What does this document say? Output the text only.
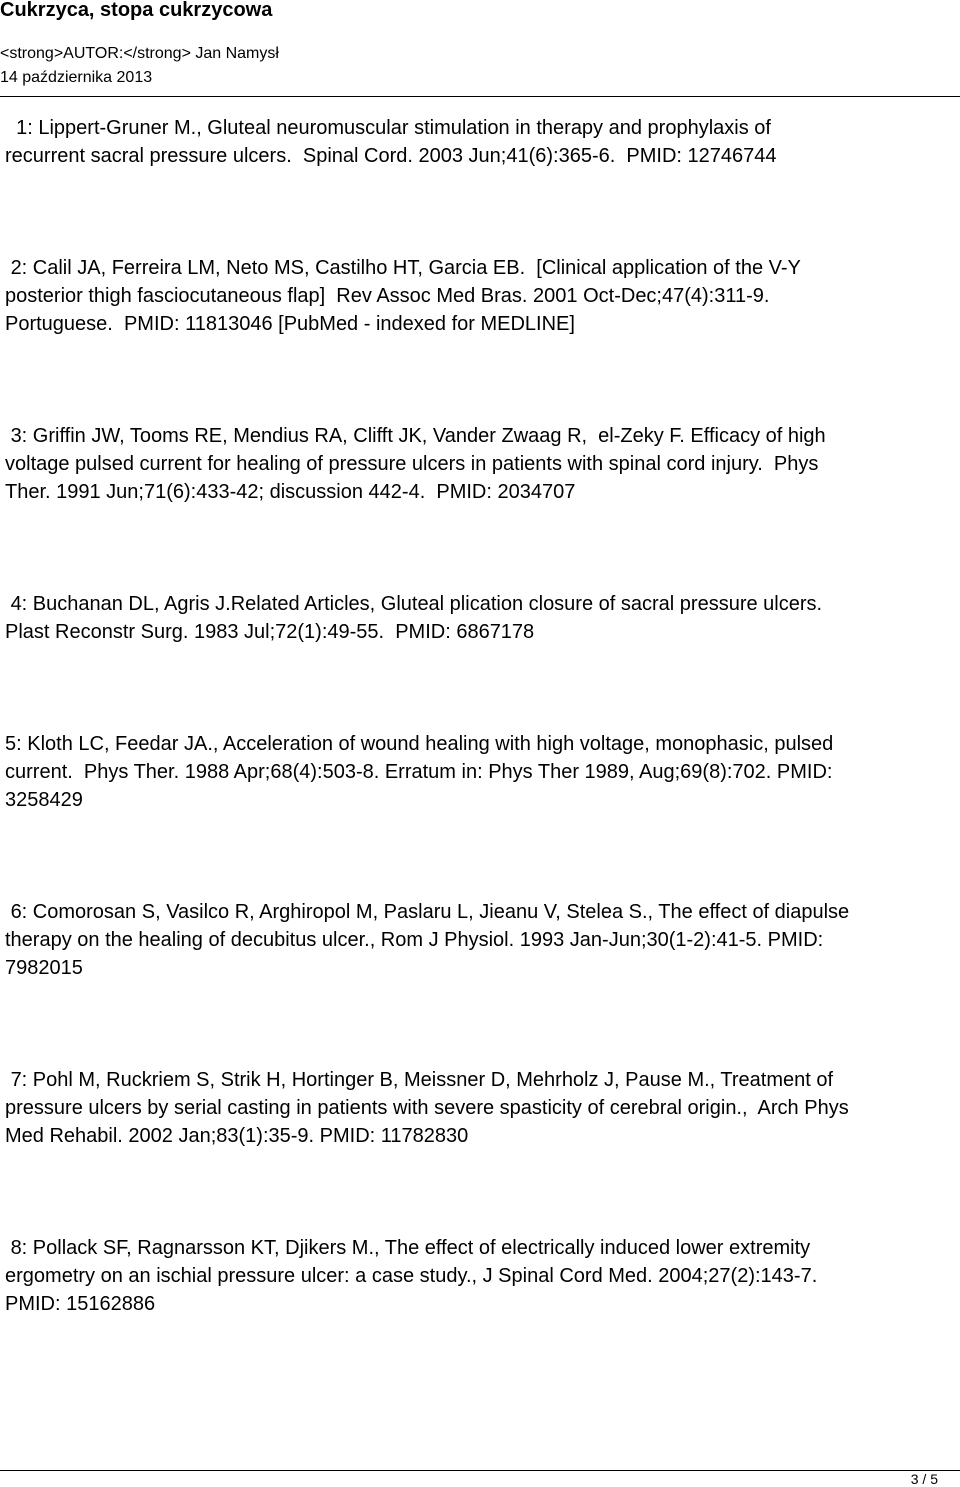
Cukrzyca, stopa cukrzycowa
<strong>AUTOR:</strong> Jan Namysł
14 października 2013

1: Lippert-Gruner M., Gluteal neuromuscular stimulation in therapy and prophylaxis of
recurrent sacral pressure ulcers.  Spinal Cord. 2003 Jun;41(6):365-6.  PMID: 12746744

2: Calil JA, Ferreira LM, Neto MS, Castilho HT, Garcia EB.  [Clinical application of the V-Y
posterior thigh fasciocutaneous flap]  Rev Assoc Med Bras. 2001 Oct-Dec;47(4):311-9.
Portuguese.  PMID: 11813046 [PubMed - indexed for MEDLINE]

3: Griffin JW, Tooms RE, Mendius RA, Clifft JK, Vander Zwaag R,  el-Zeky F. Efficacy of high
voltage pulsed current for healing of pressure ulcers in patients with spinal cord injury.  Phys
Ther. 1991 Jun;71(6):433-42; discussion 442-4.  PMID: 2034707

4: Buchanan DL, Agris J.Related Articles, Gluteal plication closure of sacral pressure ulcers.
Plast Reconstr Surg. 1983 Jul;72(1):49-55.  PMID: 6867178

5: Kloth LC, Feedar JA., Acceleration of wound healing with high voltage, monophasic, pulsed
current.  Phys Ther. 1988 Apr;68(4):503-8. Erratum in: Phys Ther 1989, Aug;69(8):702. PMID:
3258429

6: Comorosan S, Vasilco R, Arghiropol M, Paslaru L, Jieanu V, Stelea S., The effect of diapulse
therapy on the healing of decubitus ulcer., Rom J Physiol. 1993 Jan-Jun;30(1-2):41-5. PMID:
7982015

7: Pohl M, Ruckriem S, Strik H, Hortinger B, Meissner D, Mehrholz J, Pause M., Treatment of
pressure ulcers by serial casting in patients with severe spasticity of cerebral origin.,  Arch Phys
Med Rehabil. 2002 Jan;83(1):35-9. PMID: 11782830

8: Pollack SF, Ragnarsson KT, Djikers M., The effect of electrically induced lower extremity
ergometry on an ischial pressure ulcer: a case study., J Spinal Cord Med. 2004;27(2):143-7.
PMID: 15162886

3 / 5
